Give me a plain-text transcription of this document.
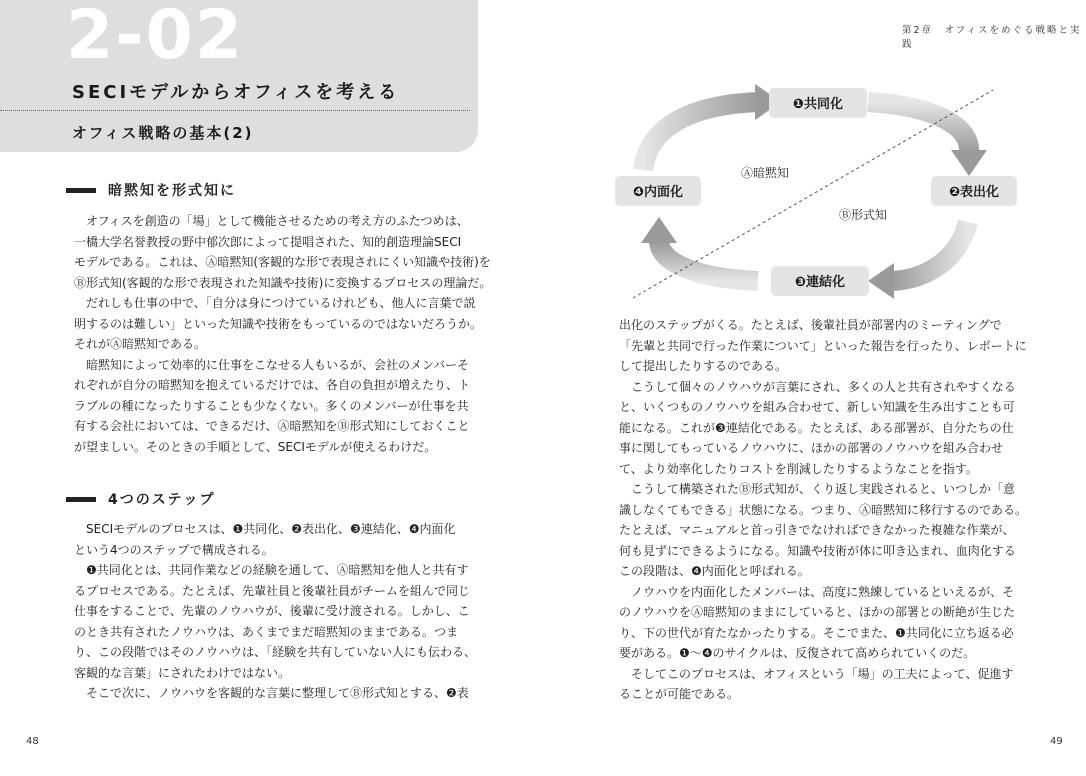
2-02
SECIモデルからオフィスを考える
オフィス戦略の基本(2)
暗黙知を形式知に

　オフィスを創造の「場」として機能させるための考え方のふたつめは、

一橋大学名誉教授の野中郁次郎によって提唱された、知的創造理論SECI

モデルである。これは、Ⓐ暗黙知(客観的な形で表現されにくい知識や技術)を

Ⓑ形式知(客観的な形で表現された知識や技術)に変換するプロセスの理論だ。

　だれしも仕事の中で、「自分は身につけているけれども、他人に言葉で説

明するのは難しい」といった知識や技術をもっているのではないだろうか。

それがⒶ暗黙知である。

　暗黙知によって効率的に仕事をこなせる人もいるが、会社のメンバーそ

れぞれが自分の暗黙知を抱えているだけでは、各自の負担が増えたり、ト

ラブルの種になったりすることも少なくない。多くのメンバーが仕事を共

有する会社においては、できるだけ、Ⓐ暗黙知をⒷ形式知にしておくこと

が望ましい。そのときの手順として、SECIモデルが使えるわけだ。

4つのステップ

　SECIモデルのプロセスは、❶共同化、❷表出化、❸連結化、❹内面化

という4つのステップで構成される。

　❶共同化とは、共同作業などの経験を通して、Ⓐ暗黙知を他人と共有す

るプロセスである。たとえば、先輩社員と後輩社員がチームを組んで同じ

仕事をすることで、先輩のノウハウが、後輩に受け渡される。しかし、こ

のとき共有されたノウハウは、あくまでまだ暗黙知のままである。つま

り、この段階ではそのノウハウは、「経験を共有していない人にも伝わる、

客観的な言葉」にされたわけではない。

　そこで次に、ノウハウを客観的な言葉に整理してⒷ形式知とする、❷表

48
第2章　オフィスをめぐる戦略と実践
❶共同化
❷表出化
❸連結化
❹内面化
Ⓐ暗黙知
Ⓑ形式知

出化のステップがくる。たとえば、後輩社員が部署内のミーティングで

「先輩と共同で行った作業について」といった報告を行ったり、レポートに

して提出したりするのである。

　こうして個々のノウハウが言葉にされ、多くの人と共有されやすくなる

と、いくつものノウハウを組み合わせて、新しい知識を生み出すことも可

能になる。これが❸連結化である。たとえば、ある部署が、自分たちの仕

事に関してもっているノウハウに、ほかの部署のノウハウを組み合わせ

て、より効率化したりコストを削減したりするようなことを指す。

　こうして構築されたⒷ形式知が、くり返し実践されると、いつしか「意

識しなくてもできる」状態になる。つまり、Ⓐ暗黙知に移行するのである。

たとえば、マニュアルと首っ引きでなければできなかった複雑な作業が、

何も見ずにできるようになる。知識や技術が体に叩き込まれ、血肉化する

この段階は、❹内面化と呼ばれる。

　ノウハウを内面化したメンバーは、高度に熟練しているといえるが、そ

のノウハウをⒶ暗黙知のままにしていると、ほかの部署との断絶が生じた

り、下の世代が育たなかったりする。そこでまた、❶共同化に立ち返る必

要がある。❶〜❹のサイクルは、反復されて高められていくのだ。

　そしてこのプロセスは、オフィスという「場」の工夫によって、促進す

ることが可能である。

49
